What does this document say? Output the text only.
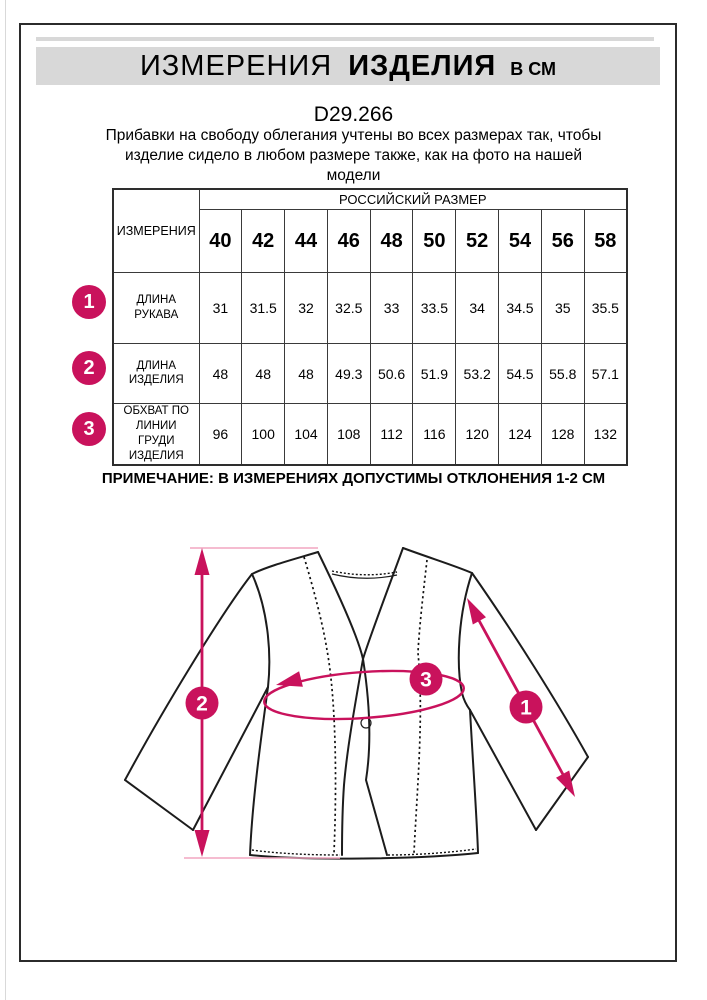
ИЗМЕРЕНИЯ ИЗДЕЛИЯ В СМ
D29.266
Прибавки на свободу облегания учтены во всех размерах так, чтобы
изделие сидело в любом размере также, как на фото на нашей
модели
ИЗМЕРЕНИЯ	РОССИЙСКИЙ РАЗМЕР									
	40	42	44	46	48	50	52	54	56	58
ДЛИНА РУКАВА	31	31.5	32	32.5	33	33.5	34	34.5	35	35.5
ДЛИНА ИЗДЕЛИЯ	48	48	48	49.3	50.6	51.9	53.2	54.5	55.8	57.1
ОБХВАТ ПО ЛИНИИ ГРУДИ ИЗДЕЛИЯ	96	100	104	108	112	116	120	124	128	132
1
2
3
ПРИМЕЧАНИЕ: В ИЗМЕРЕНИЯХ ДОПУСТИМЫ ОТКЛОНЕНИЯ 1-2 СМ
2	1
3
